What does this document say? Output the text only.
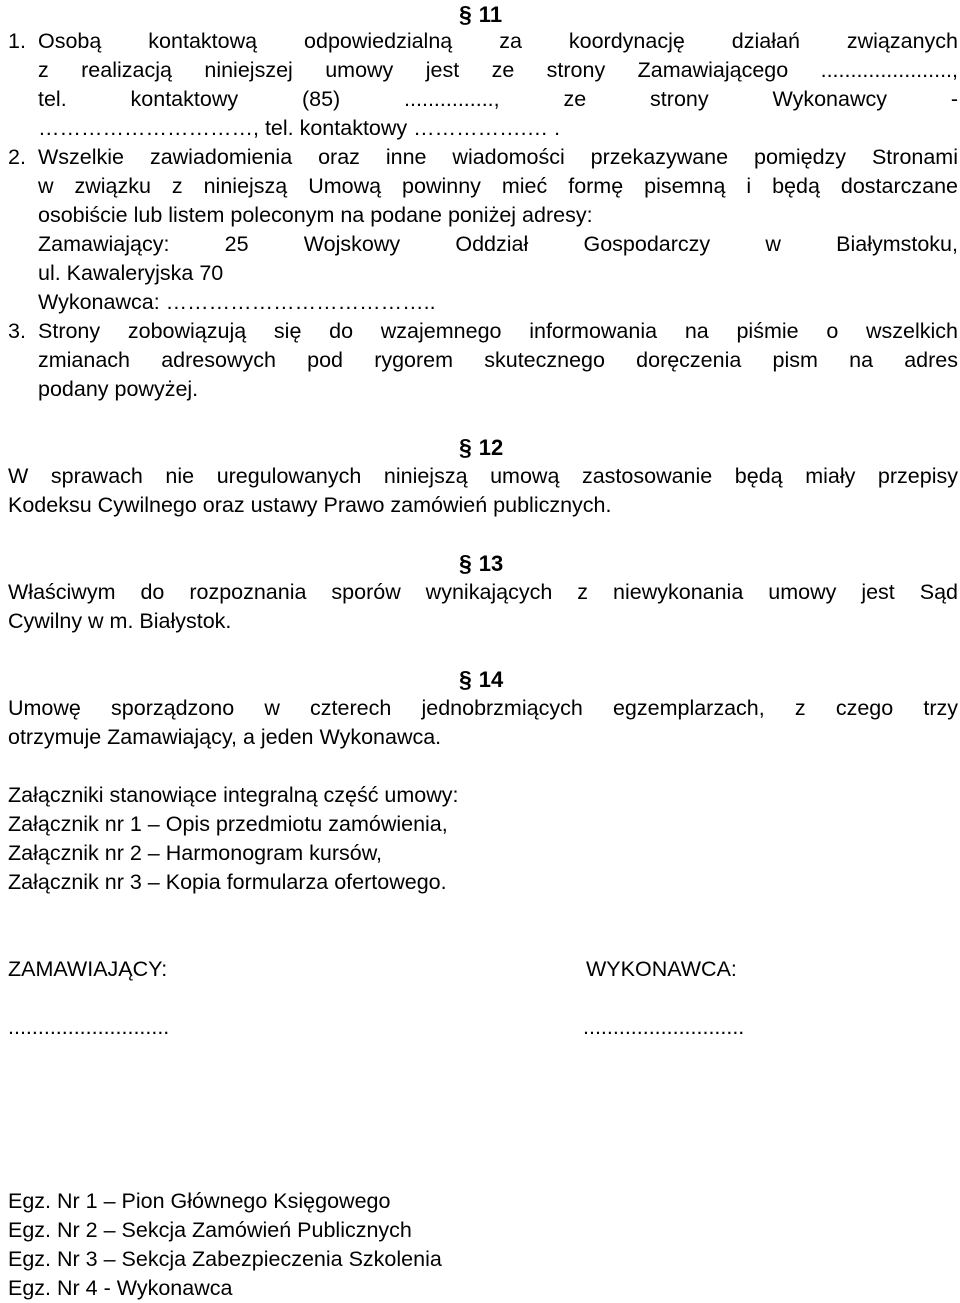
§ 11
1. Osobą kontaktową odpowiedzialną za koordynację działań związanych
z realizacją niniejszej umowy jest ze strony Zamawiającego ......................,
tel. kontaktowy (85) ..............., ze strony Wykonawcy -
…………………………, tel. kontaktowy …………….… .
2. Wszelkie zawiadomienia oraz inne wiadomości przekazywane pomiędzy Stronami
w związku z niniejszą Umową powinny mieć formę pisemną i będą dostarczane
osobiście lub listem poleconym na podane poniżej adresy:
Zamawiający: 25 Wojskowy Oddział Gospodarczy w Białymstoku,
ul. Kawaleryjska 70
Wykonawca: ………………………………..
3. Strony zobowiązują się do wzajemnego informowania na piśmie o wszelkich
zmianach adresowych pod rygorem skutecznego doręczenia pism na adres
podany powyżej.
§ 12
W sprawach nie uregulowanych niniejszą umową zastosowanie będą miały przepisy
Kodeksu Cywilnego oraz ustawy Prawo zamówień publicznych.
§ 13
Właściwym do rozpoznania sporów wynikających z niewykonania umowy jest Sąd
Cywilny w m. Białystok.
§ 14
Umowę sporządzono w czterech jednobrzmiących egzemplarzach, z czego trzy
otrzymuje Zamawiający, a jeden Wykonawca.
Załączniki stanowiące integralną część umowy:
Załącznik nr 1 – Opis przedmiotu zamówienia,
Załącznik nr 2 – Harmonogram kursów,
Załącznik nr 3 – Kopia formularza ofertowego.
ZAMAWIAJĄCY:	WYKONAWCA:
...........................	...........................
Egz. Nr 1 – Pion Głównego Księgowego
Egz. Nr 2 – Sekcja Zamówień Publicznych
Egz. Nr 3 – Sekcja Zabezpieczenia Szkolenia
Egz. Nr 4 - Wykonawca
